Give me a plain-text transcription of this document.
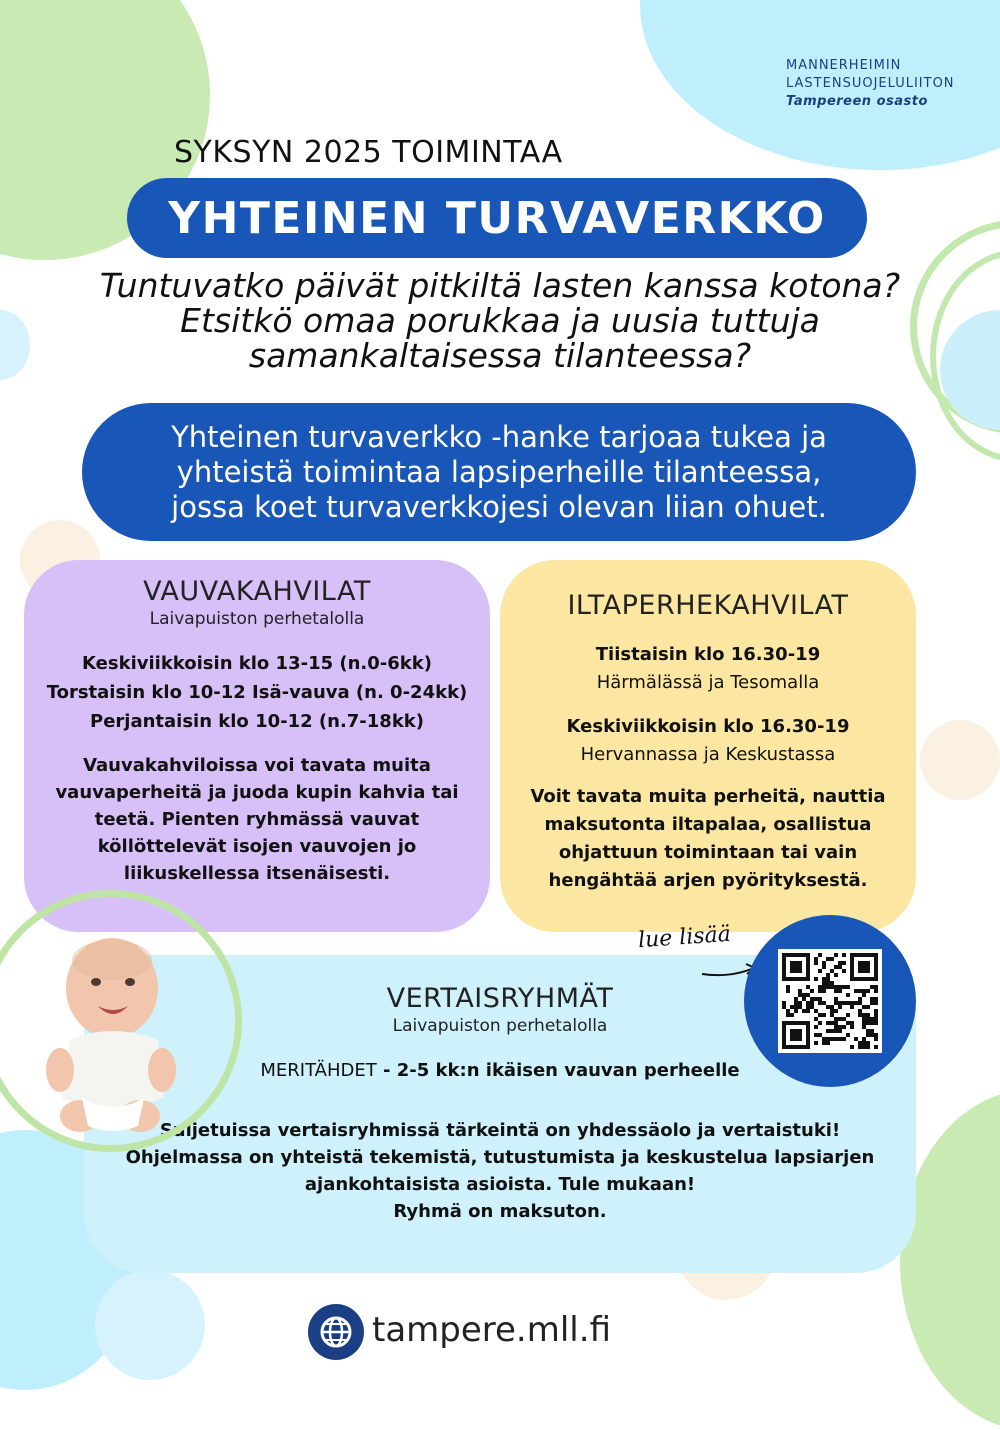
MANNERHEIMIN
LASTENSUOJELULIITON
Tampereen osasto
SYKSYN 2025 TOIMINTAA
YHTEINEN TURVAVERKKO
Tuntuvatko päivät pitkiltä lasten kanssa kotona?
Etsitkö omaa porukkaa ja uusia tuttuja
samankaltaisessa tilanteessa?
Yhteinen turvaverkko -hanke tarjoaa tukea ja
yhteistä toimintaa lapsiperheille tilanteessa,
jossa koet turvaverkkojesi olevan liian ohuet.
VAUVAKAHVILAT
Laivapuiston perhetalolla
Keskiviikkoisin klo 13-15 (n.0-6kk)
Torstaisin klo 10-12 Isä-vauva (n. 0-24kk)
Perjantaisin klo 10-12 (n.7-18kk)
Vauvakahviloissa voi tavata muita
vauvaperheitä ja juoda kupin kahvia tai
teetä. Pienten ryhmässä vauvat
köllöttelevät isojen vauvojen jo
liikuskellessa itsenäisesti.
ILTAPERHEKAHVILAT
Tiistaisin klo 16.30-19
Härmälässä ja Tesomalla
Keskiviikkoisin klo 16.30-19
Hervannassa ja Keskustassa
Voit tavata muita perheitä, nauttia
maksutonta iltapalaa, osallistua
ohjattuun toimintaan tai vain
hengähtää arjen pyörityksestä.
VERTAISRYHMÄT
Laivapuiston perhetalolla
MERITÄHDET - 2-5 kk:n ikäisen vauvan perheelle
Suljetuissa vertaisryhmissä tärkeintä on yhdessäolo ja vertaistuki!
Ohjelmassa on yhteistä tekemistä, tutustumista ja keskustelua lapsiarjen
ajankohtaisista asioista. Tule mukaan!
Ryhmä on maksuton.
lue lisää
tampere.mll.fi
